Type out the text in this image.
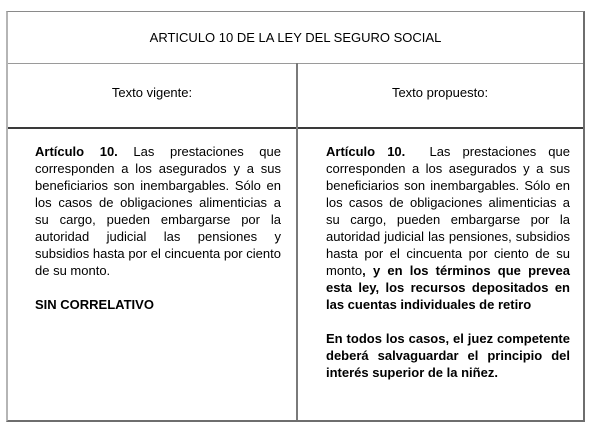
ARTICULO 10 DE LA LEY DEL SEGURO SOCIAL
Texto vigente:	Texto propuesto:

Artículo 10. Las prestaciones que corresponden a los asegurados y a sus beneficiarios son inembargables. Sólo en los casos de obligaciones alimenticias a su cargo, pueden embargarse por la autoridad judicial las pensiones y subsidios hasta por el cincuenta por ciento de su monto.

SIN CORRELATIVO

Artículo 10.  Las prestaciones que corresponden a los asegurados y a sus beneficiarios son inembargables. Sólo en los casos de obligaciones alimenticias a su cargo, pueden embargarse por la autoridad judicial las pensiones, subsidios hasta por el cincuenta por ciento de su monto, y en los términos que prevea esta ley, los recursos depositados en las cuentas individuales de retiro

En todos los casos, el juez competente deberá salvaguardar el principio del interés superior de la niñez.
